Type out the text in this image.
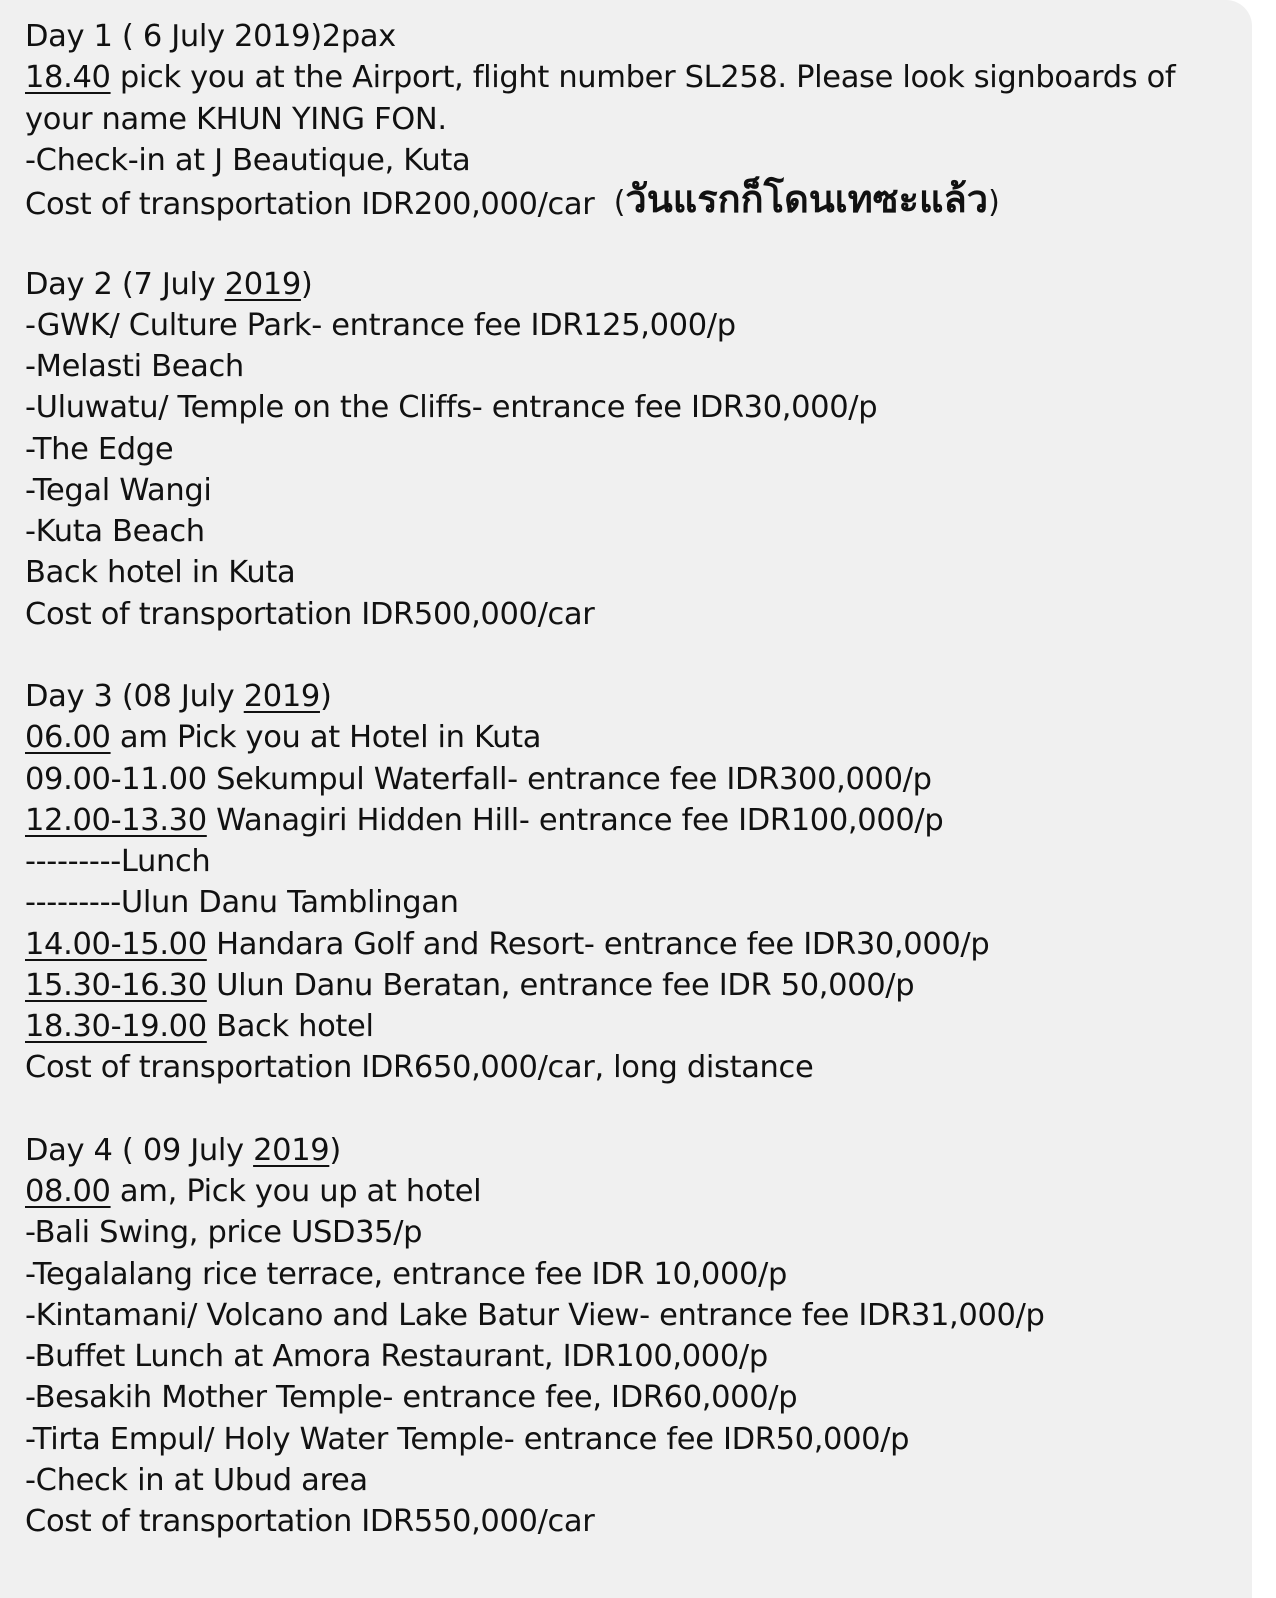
Day 1 ( 6 July 2019)2pax
18.40 pick you at the Airport, flight number SL258. Please look signboards of
your name KHUN YING FON.
-Check-in at J Beautique, Kuta
Cost of transportation IDR200,000/car (วันแรกก็โดนเทซะแล้ว)
Day 2 (7 July 2019)
-GWK/ Culture Park- entrance fee IDR125,000/p
-Melasti Beach
-Uluwatu/ Temple on the Cliffs- entrance fee IDR30,000/p
-The Edge
-Tegal Wangi
-Kuta Beach
Back hotel in Kuta
Cost of transportation IDR500,000/car
Day 3 (08 July 2019)
06.00 am Pick you at Hotel in Kuta
09.00-11.00 Sekumpul Waterfall- entrance fee IDR300,000/p
12.00-13.30 Wanagiri Hidden Hill- entrance fee IDR100,000/p
---------Lunch
---------Ulun Danu Tamblingan
14.00-15.00 Handara Golf and Resort- entrance fee IDR30,000/p
15.30-16.30 Ulun Danu Beratan, entrance fee IDR 50,000/p
18.30-19.00 Back hotel
Cost of transportation IDR650,000/car, long distance
Day 4 ( 09 July 2019)
08.00 am, Pick you up at hotel
-Bali Swing, price USD35/p
-Tegalalang rice terrace, entrance fee IDR 10,000/p
-Kintamani/ Volcano and Lake Batur View- entrance fee IDR31,000/p
-Buffet Lunch at Amora Restaurant, IDR100,000/p
-Besakih Mother Temple- entrance fee, IDR60,000/p
-Tirta Empul/ Holy Water Temple- entrance fee IDR50,000/p
-Check in at Ubud area
Cost of transportation IDR550,000/car
